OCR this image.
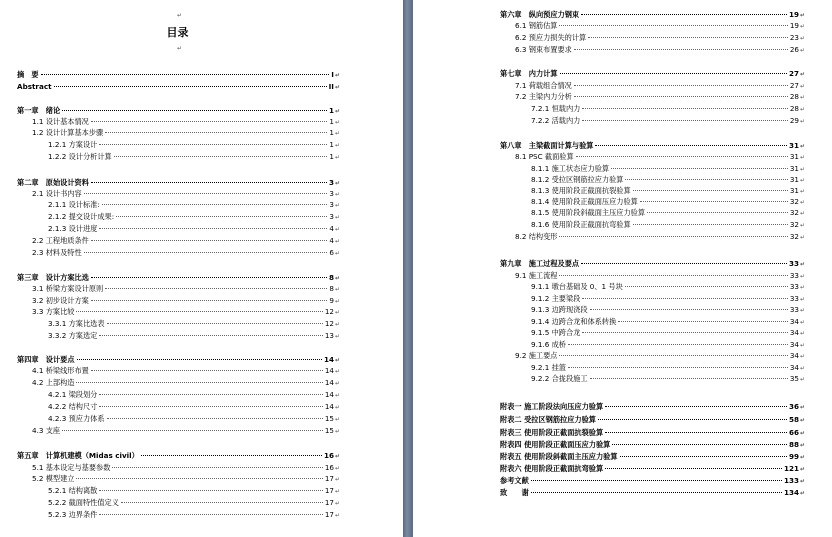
↵
目录
↵
摘　要	I ↵
Abstract	II ↵
第一章　绪论	1 ↵
1.1 设计基本情况	1 ↵
1.2 设计计算基本步骤	1 ↵
1.2.1 方案设计	1 ↵
1.2.2 设计分析计算	1 ↵
第二章　原始设计资料	3 ↵
2.1 设计书内容	3 ↵
2.1.1 设计标准:	3 ↵
2.1.2 提交设计成果:	3 ↵
2.1.3 设计进度	4 ↵
2.2 工程地质条件	4 ↵
2.3 材料及特性	6 ↵
第三章　设计方案比选	8 ↵
3.1 桥梁方案设计原则	8 ↵
3.2 初步设计方案	9 ↵
3.3 方案比较	12 ↵
3.3.1 方案比选表	12 ↵
3.3.2 方案选定	13 ↵
第四章　设计要点	14 ↵
4.1 桥梁线形布置	14 ↵
4.2 上部构造	14 ↵
4.2.1 梁段划分	14 ↵
4.2.2 结构尺寸	14 ↵
4.2.3 预应力体系	15 ↵
4.3 支座	15 ↵
第五章　计算机建模（Midas civil）	16 ↵
5.1 基本设定与基要参数	16 ↵
5.2 模型建立	17 ↵
5.2.1 结构离散	17 ↵
5.2.2 截面特性值定义	17 ↵
5.2.3 边界条件	17 ↵
第六章　纵向预应力钢束	19 ↵
6.1 钢筋估算	19 ↵
6.2 预应力损失的计算	23 ↵
6.3 钢束布置要求	26 ↵
第七章　内力计算	27 ↵
7.1 荷载组合情况	27 ↵
7.2 主梁内力分析	28 ↵
7.2.1 恒载内力	28 ↵
7.2.2 活载内力	29 ↵
第八章　主梁截面计算与验算	31 ↵
8.1 PSC 截面验算	31 ↵
8.1.1 施工状态应力验算	31 ↵
8.1.2 受拉区钢筋拉应力验算	31 ↵
8.1.3 使用阶段正截面抗裂验算	31 ↵
8.1.4 使用阶段正截面压应力验算	32 ↵
8.1.5 使用阶段斜截面主压应力验算	32 ↵
8.1.6 使用阶段正截面抗弯验算	32 ↵
8.2 结构变形	32 ↵
第九章　施工过程及要点	33 ↵
9.1 施工流程	33 ↵
9.1.1 墩台基础及 0、1 号块	33 ↵
9.1.2 主要梁段	33 ↵
9.1.3 边跨现浇段	33 ↵
9.1.4 边跨合龙和体系转换	34 ↵
9.1.5 中跨合龙	34 ↵
9.1.6 成桥	34 ↵
9.2 施工要点	34 ↵
9.2.1 挂篮	34 ↵
9.2.2 合拢段施工	35 ↵
附表一 施工阶段法向压应力验算	36 ↵
附表二 受拉区钢筋拉应力验算	58 ↵
附表三 使用阶段正截面抗裂验算	66 ↵
附表四 使用阶段正截面压应力验算	88 ↵
附表五 使用阶段斜截面主压应力验算	99 ↵
附表六 使用阶段正截面抗弯验算	121 ↵
参考文献	133 ↵
致　　谢	134 ↵
